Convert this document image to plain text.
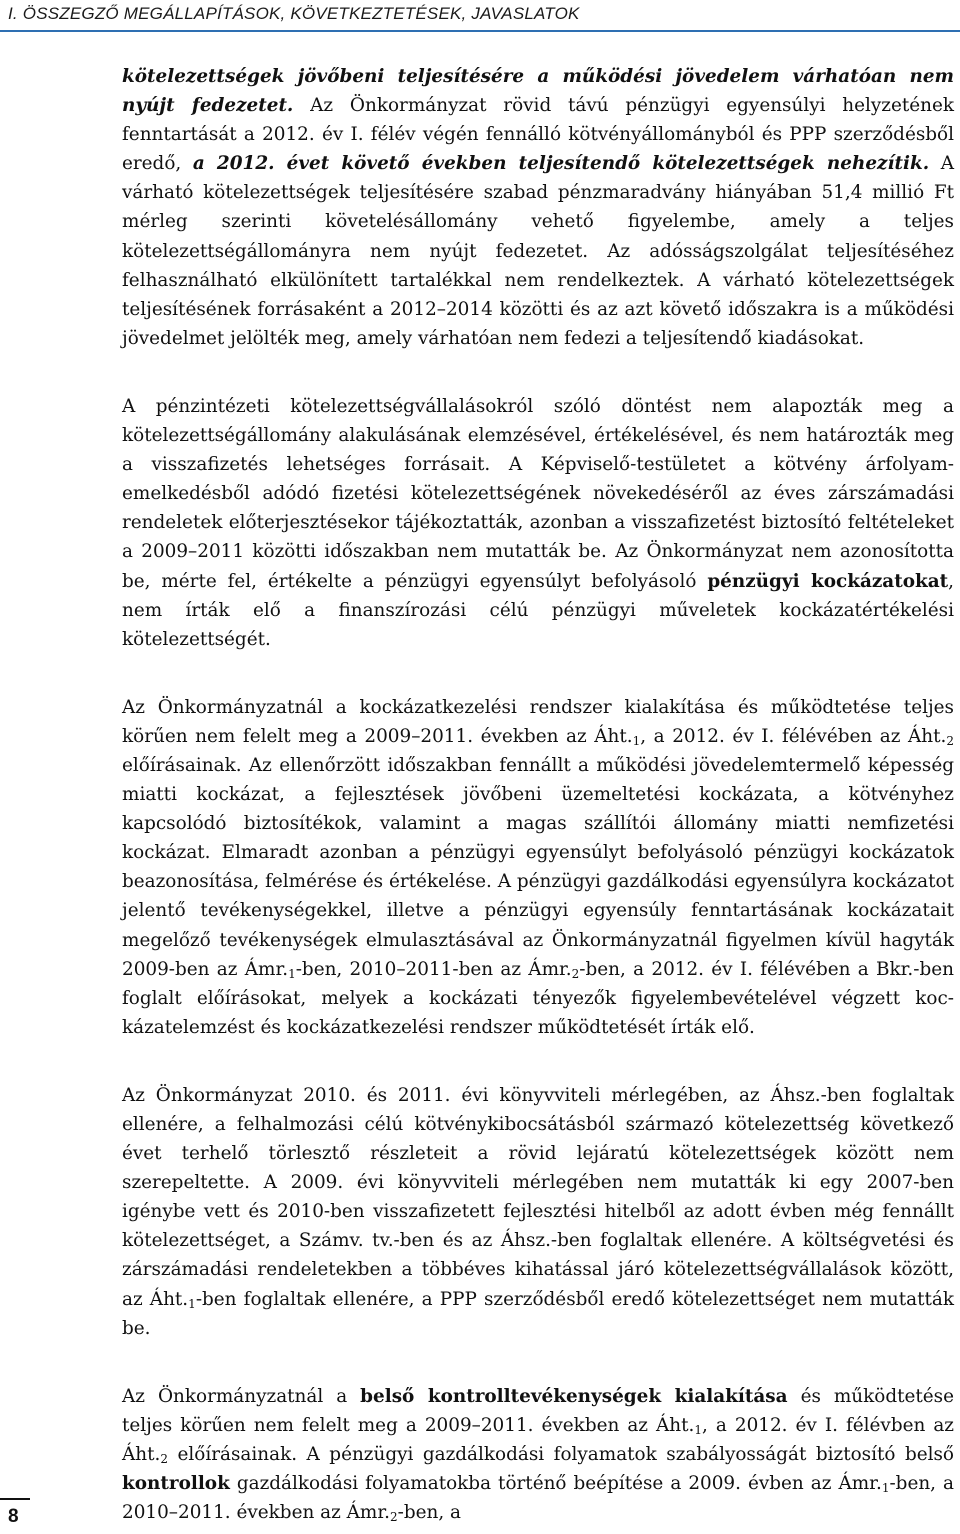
I. ÖSSZEGZŐ MEGÁLLAPÍTÁSOK, KÖVETKEZTETÉSEK, JAVASLATOK

kötelezettségek jövőbeni teljesítésére a működési jövedelem várhatóan nem nyújt fedezetet. Az Önkormányzat rövid távú pénzügyi egyensúlyi helyzetének fenntartását a 2012. év I. félév végén fennálló kötvényállományból és PPP szerződésből eredő, a 2012. évet követő években teljesítendő kötelezettségek nehezítik. A várható kötelezettségek teljesítésére szabad pénzmaradvány hiányában 51,4 millió Ft mérleg szerinti követelésállomány vehető figyelembe, amely a teljes kötelezettségállományra nem nyújt fedezetet. Az adósságszolgálat teljesítéséhez felhasználható elkülönített tartalékkal nem rendelkeztek. A várható kötelezettségek teljesítésének forrásaként a 2012–2014 közötti és az azt követő időszakra is a működési jövedelmet jelölték meg, amely várhatóan nem fedezi a teljesítendő kiadásokat.

A pénzintézeti kötelezettségvállalásokról szóló döntést nem alapozták meg a kötelezettségállomány alakulásának elemzésével, értékelésével, és nem határozták meg a visszafizetés lehetséges forrásait. A Képviselő-testületet a kötvény árfolyam-emelkedésből adódó fizetési kötelezettségének növekedéséről az éves zárszámadási rendeletek előterjesztésekor tájékoztatták, azonban a visszafizetést biztosító feltételeket a 2009–2011 közötti időszakban nem mutatták be. Az Önkormányzat nem azonosította be, mérte fel, értékelte a pénzügyi egyensúlyt befolyásoló pénzügyi kockázatokat, nem írták elő a finanszírozási célú pénzügyi műveletek kockázatértékelési kötelezettségét.

Az Önkormányzatnál a kockázatkezelési rendszer kialakítása és működtetése teljes körűen nem felelt meg a 2009–2011. években az $Áht._1$, a 2012. év I. félévében az $Áht._2$ előírásainak. Az ellenőrzött időszakban fennállt a működési jövedelemtermelő képesség miatti kockázat, a fejlesztések jövőbeni üzemeltetési kockázata, a kötvényhez kapcsolódó biztosítékok, valamint a magas szállítói állomány miatti nemfizetési kockázat. Elmaradt azonban a pénzügyi egyensúlyt befolyásoló pénzügyi kockázatok beazonosítása, felmérése és értékelése. A pénzügyi gazdálkodási egyensúlyra kockázatot jelentő tevékenységekkel, illetve a pénzügyi egyensúly fenntartásának kockázatait megelőző tevékenységek elmulasztásával az Önkormányzatnál figyelmen kívül hagyták 2009-ben az $Ámr._1$-ben, 2010–2011-ben az $Ámr._2$-ben, a 2012. év I. félévében a Bkr.-ben foglalt előírásokat, melyek a kockázati tényezők figyelembevételével végzett kockázatelemzést és kockázatkezelési rendszer működtetését írták elő.

Az Önkormányzat 2010. és 2011. évi könyvviteli mérlegében, az Áhsz.-ben foglaltak ellenére, a felhalmozási célú kötvénykibocsátásból származó kötelezettség következő évet terhelő törlesztő részleteit a rövid lejáratú kötelezettségek között nem szerepeltette. A 2009. évi könyvviteli mérlegében nem mutatták ki egy 2007-ben igénybe vett és 2010-ben visszafizetett fejlesztési hitelből az adott évben még fennállt kötelezettséget, a Számv. tv.-ben és az Áhsz.-ben foglaltak ellenére. A költségvetési és zárszámadási rendeletekben a többéves kihatással járó kötelezettségvállalások között, az $Áht._1$-ben foglaltak ellenére, a PPP szerződésből eredő kötelezettséget nem mutatták be.

Az Önkormányzatnál a belső kontrolltevékenységek kialakítása és működtetése teljes körűen nem felelt meg a 2009–2011. években az $Áht._1$, a 2012. év I. félévben az $Áht._2$ előírásainak. A pénzügyi gazdálkodási folyamatok szabályosságát biztosító belső kontrollok gazdálkodási folyamatokba történő beépítése a 2009. évben az $Ámr._1$-ben, a 2010–2011. években az $Ámr._2$-ben, a

8
